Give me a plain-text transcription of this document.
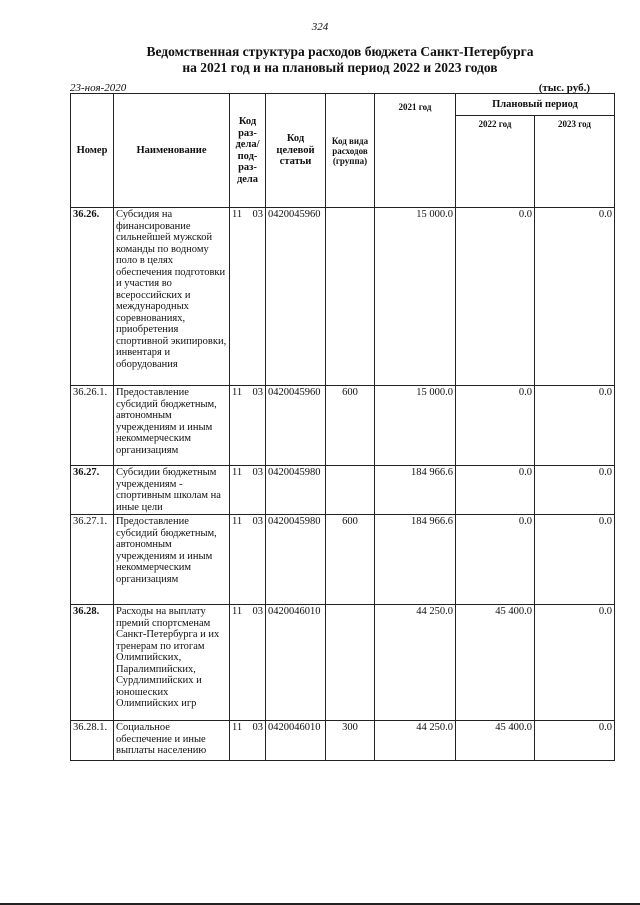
324
Ведомственная структура расходов бюджета Санкт-Петербурга
на 2021 год и на плановый период 2022 и 2023 годов
23-ноя-2020	(тыс. руб.)
Номер	Наименование	Код раз- дела/ под- раз- дела	Код целевой статьи	Код вида расходов (группа)	2021 год	Плановый период	
						2022 год	2023 год
36.26.	Субсидия на финансирование сильнейшей мужской команды по водному поло в целях обеспечения подготовки и участия во всероссийских и международных соревнованиях, приобретения спортивной экипировки, инвентаря и оборудования	11 03	0420045960		15 000.0	0.0	0.0
36.26.1.	Предоставление субсидий бюджетным, автономным учреждениям и иным некоммерческим организациям	11 03	0420045960	600	15 000.0	0.0	0.0
36.27.	Субсидии бюджетным учреждениям - спортивным школам на иные цели	11 03	0420045980		184 966.6	0.0	0.0
36.27.1.	Предоставление субсидий бюджетным, автономным учреждениям и иным некоммерческим организациям	11 03	0420045980	600	184 966.6	0.0	0.0
36.28.	Расходы на выплату премий спортсменам Санкт-Петербурга и их тренерам по итогам Олимпийских, Паралимпийских, Сурдлимпийских и юношеских Олимпийских игр	11 03	0420046010		44 250.0	45 400.0	0.0
36.28.1.	Социальное обеспечение и иные выплаты населению	11 03	0420046010	300	44 250.0	45 400.0	0.0
